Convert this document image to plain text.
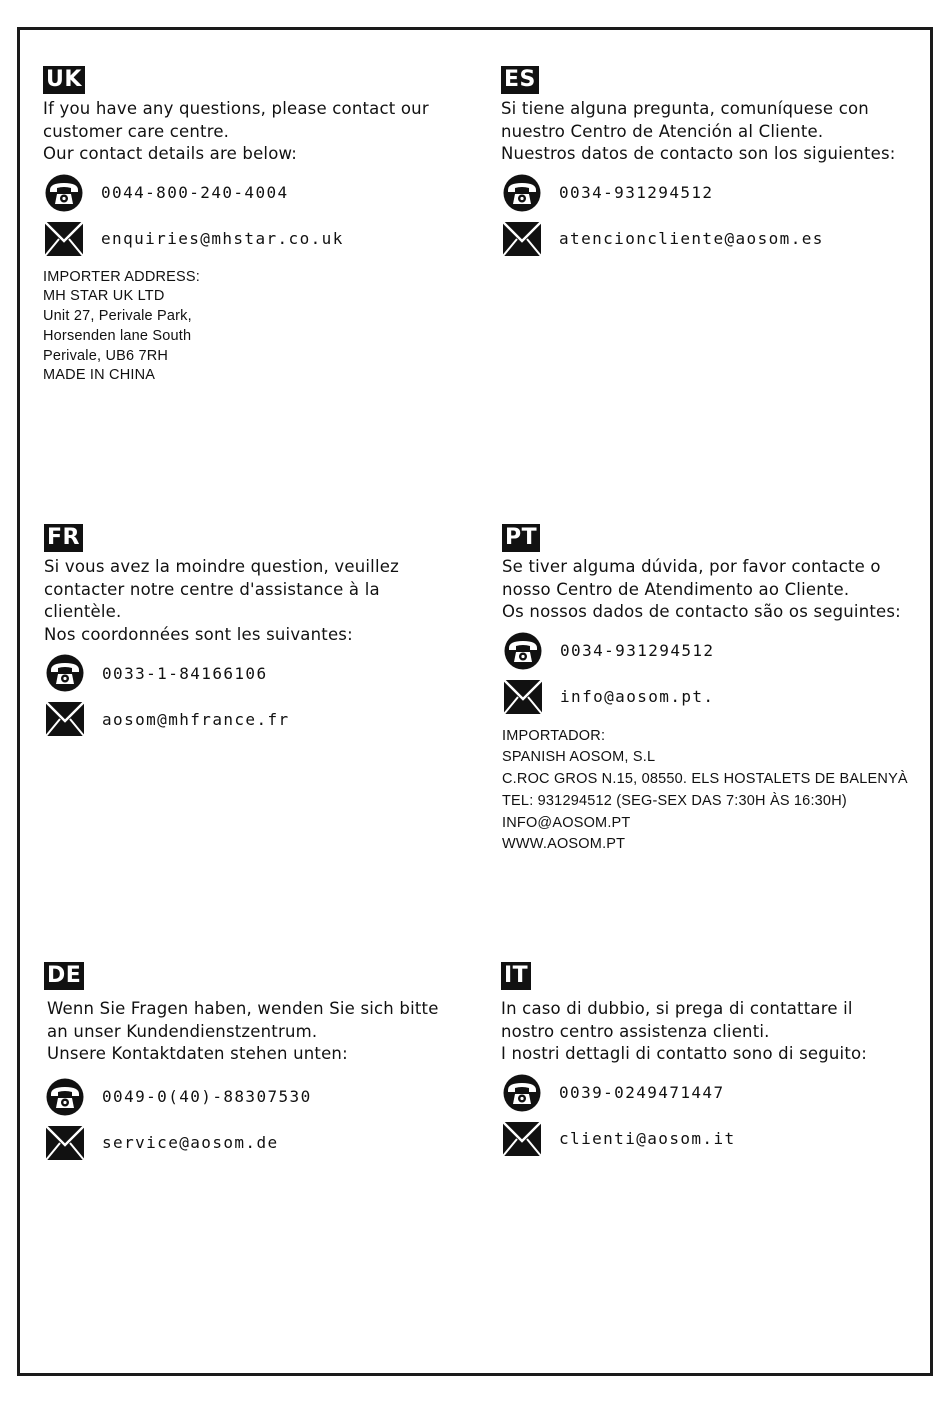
UK
If you have any questions, please contact our
customer care centre.
Our contact details are below:
0044-800-240-4004
enquiries@mhstar.co.uk
IMPORTER ADDRESS:
MH STAR UK LTD
Unit 27, Perivale Park,
Horsenden lane South
Perivale, UB6 7RH
MADE IN CHINA
ES
Si tiene alguna pregunta, comuníquese con
nuestro Centro de Atención al Cliente.
Nuestros datos de contacto son los siguientes:
0034-931294512
atencioncliente@aosom.es
FR
Si vous avez la moindre question, veuillez
contacter notre centre d'assistance à la
clientèle.
Nos coordonnées sont les suivantes:
0033-1-84166106
aosom@mhfrance.fr
PT
Se tiver alguma dúvida, por favor contacte o
nosso Centro de Atendimento ao Cliente.
Os nossos dados de contacto são os seguintes:
0034-931294512
info@aosom.pt.
IMPORTADOR:
SPANISH AOSOM, S.L
C.ROC GROS N.15, 08550. ELS HOSTALETS DE BALENYÀ
TEL: 931294512 (SEG-SEX DAS 7:30H ÀS 16:30H)
INFO@AOSOM.PT
WWW.AOSOM.PT
DE
Wenn Sie Fragen haben, wenden Sie sich bitte
an unser Kundendienstzentrum.
Unsere Kontaktdaten stehen unten:
0049-0(40)-88307530
service@aosom.de
IT
In caso di dubbio, si prega di contattare il
nostro centro assistenza clienti.
I nostri dettagli di contatto sono di seguito:
0039-0249471447
clienti@aosom.it
